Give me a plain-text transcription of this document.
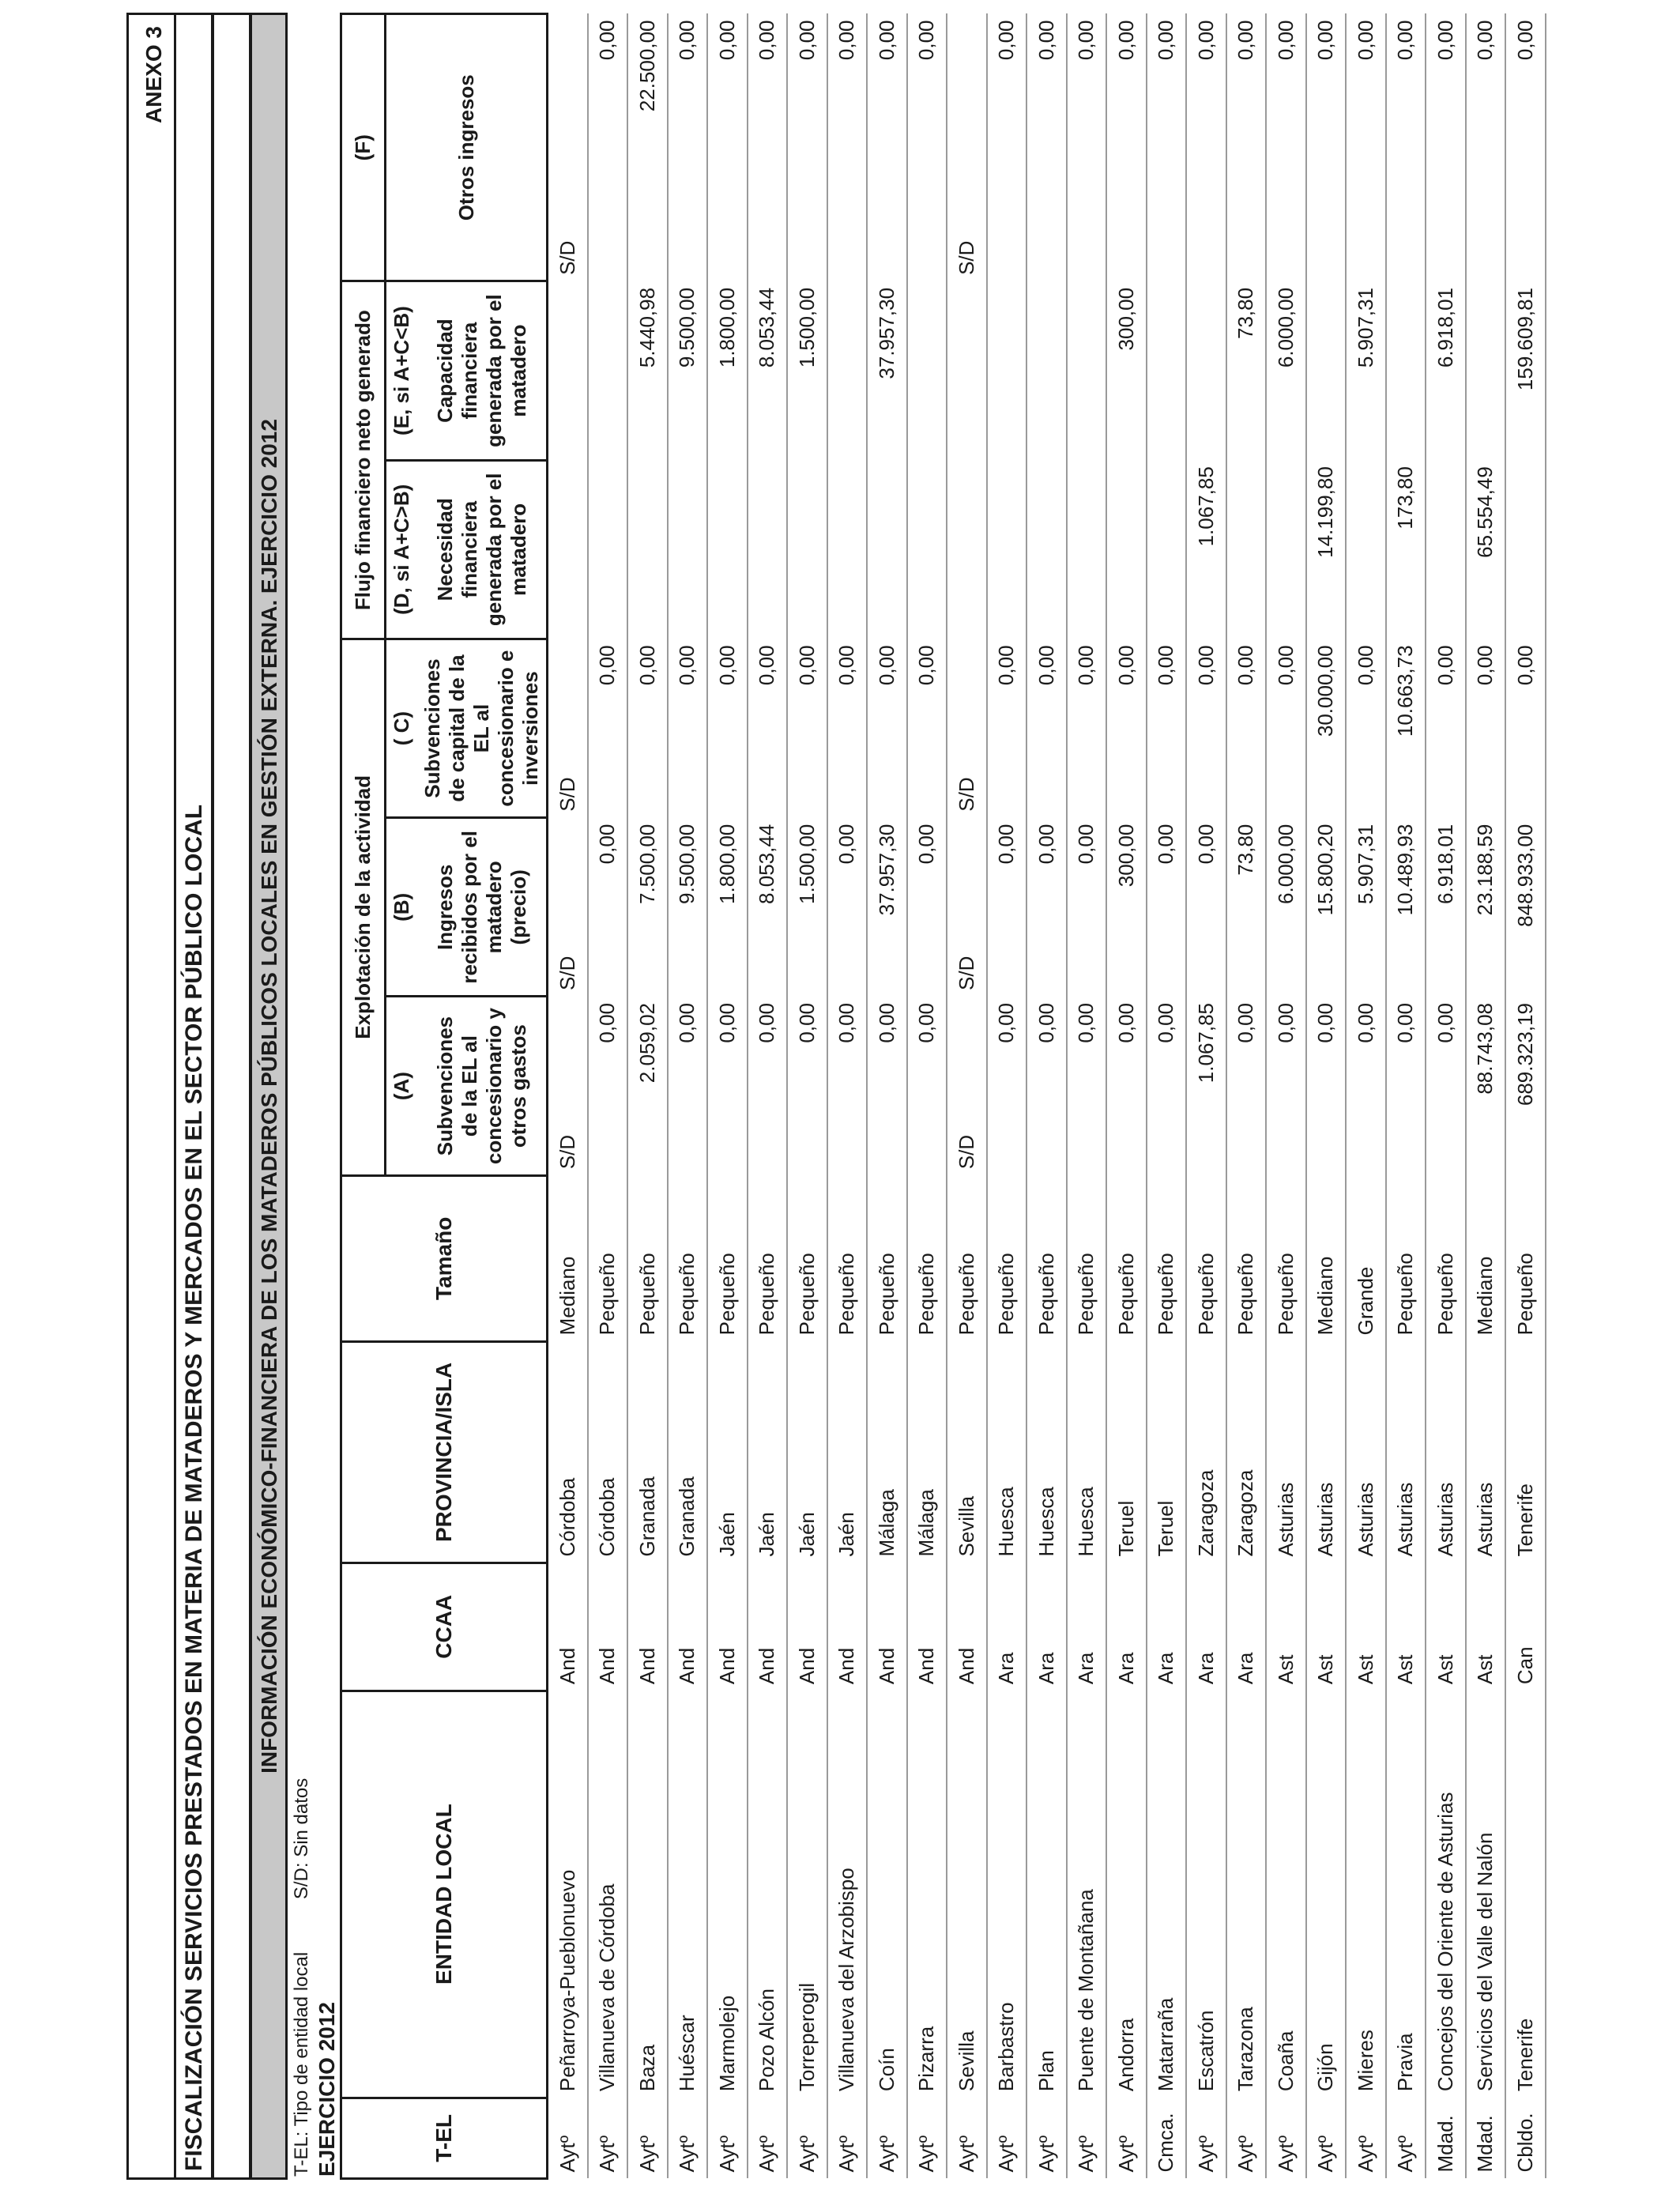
ANEXO 3
FISCALIZACIÓN SERVICIOS PRESTADOS EN MATERIA DE MATADEROS Y MERCADOS EN EL SECTOR PÚBLICO LOCAL	INFORMACIÓN ECONÓMICO-FINANCIERA DE LOS MATADEROS PÚBLICOS LOCALES EN GESTIÓN EXTERNA. EJERCICIO 2012
T-EL: Tipo de entidad local S/D: Sin datos
EJERCICIO 2012	T-EL	ENTIDAD LOCAL	CCAA	PROVINCIA/ISLA	Tamaño	Explotación de la actividad			Flujo financiero neto generado		(F)
					(A)	(B)	( C)	(D, si A+C>B)	(E, si A+C<B)	Otros ingresos
					Subvenciones de la EL al concesionario y otros gastos	Ingresos recibidos por el matadero (precio)	Subvenciones de capital de la EL al concesionario e inversiones	Necesidad financiera generada por el matadero	Capacidad financiera generada por el matadero	
Aytº	Peñarroya-Pueblonuevo	And	Córdoba	Mediano	S/D	S/D	S/D			S/D
Aytº	Villanueva de Córdoba	And	Córdoba	Pequeño	0,00	0,00	0,00			0,00
Aytº	Baza	And	Granada	Pequeño	2.059,02	7.500,00	0,00		5.440,98	22.500,00
Aytº	Huéscar	And	Granada	Pequeño	0,00	9.500,00	0,00		9.500,00	0,00
Aytº	Marmolejo	And	Jaén	Pequeño	0,00	1.800,00	0,00		1.800,00	0,00
Aytº	Pozo Alcón	And	Jaén	Pequeño	0,00	8.053,44	0,00		8.053,44	0,00
Aytº	Torreperogil	And	Jaén	Pequeño	0,00	1.500,00	0,00		1.500,00	0,00
Aytº	Villanueva del Arzobispo	And	Jaén	Pequeño	0,00	0,00	0,00			0,00
Aytº	Coín	And	Málaga	Pequeño	0,00	37.957,30	0,00		37.957,30	0,00
Aytº	Pizarra	And	Málaga	Pequeño	0,00	0,00	0,00			0,00
Aytº	Sevilla	And	Sevilla	Pequeño	S/D	S/D	S/D			S/D
Aytº	Barbastro	Ara	Huesca	Pequeño	0,00	0,00	0,00			0,00
Aytº	Plan	Ara	Huesca	Pequeño	0,00	0,00	0,00			0,00
Aytº	Puente de Montañana	Ara	Huesca	Pequeño	0,00	0,00	0,00			0,00
Aytº	Andorra	Ara	Teruel	Pequeño	0,00	300,00	0,00		300,00	0,00
Cmca.	Matarraña	Ara	Teruel	Pequeño	0,00	0,00	0,00			0,00
Aytº	Escatrón	Ara	Zaragoza	Pequeño	1.067,85	0,00	0,00	1.067,85		0,00
Aytº	Tarazona	Ara	Zaragoza	Pequeño	0,00	73,80	0,00		73,80	0,00
Aytº	Coaña	Ast	Asturias	Pequeño	0,00	6.000,00	0,00		6.000,00	0,00
Aytº	Gijón	Ast	Asturias	Mediano	0,00	15.800,20	30.000,00	14.199,80		0,00
Aytº	Mieres	Ast	Asturias	Grande	0,00	5.907,31	0,00		5.907,31	0,00
Aytº	Pravia	Ast	Asturias	Pequeño	0,00	10.489,93	10.663,73	173,80		0,00
Mdad.	Concejos del Oriente de Asturias	Ast	Asturias	Pequeño	0,00	6.918,01	0,00		6.918,01	0,00
Mdad.	Servicios del Valle del Nalón	Ast	Asturias	Mediano	88.743,08	23.188,59	0,00	65.554,49		0,00
Cbldo.	Tenerife	Can	Tenerife	Pequeño	689.323,19	848.933,00	0,00		159.609,81	0,00
